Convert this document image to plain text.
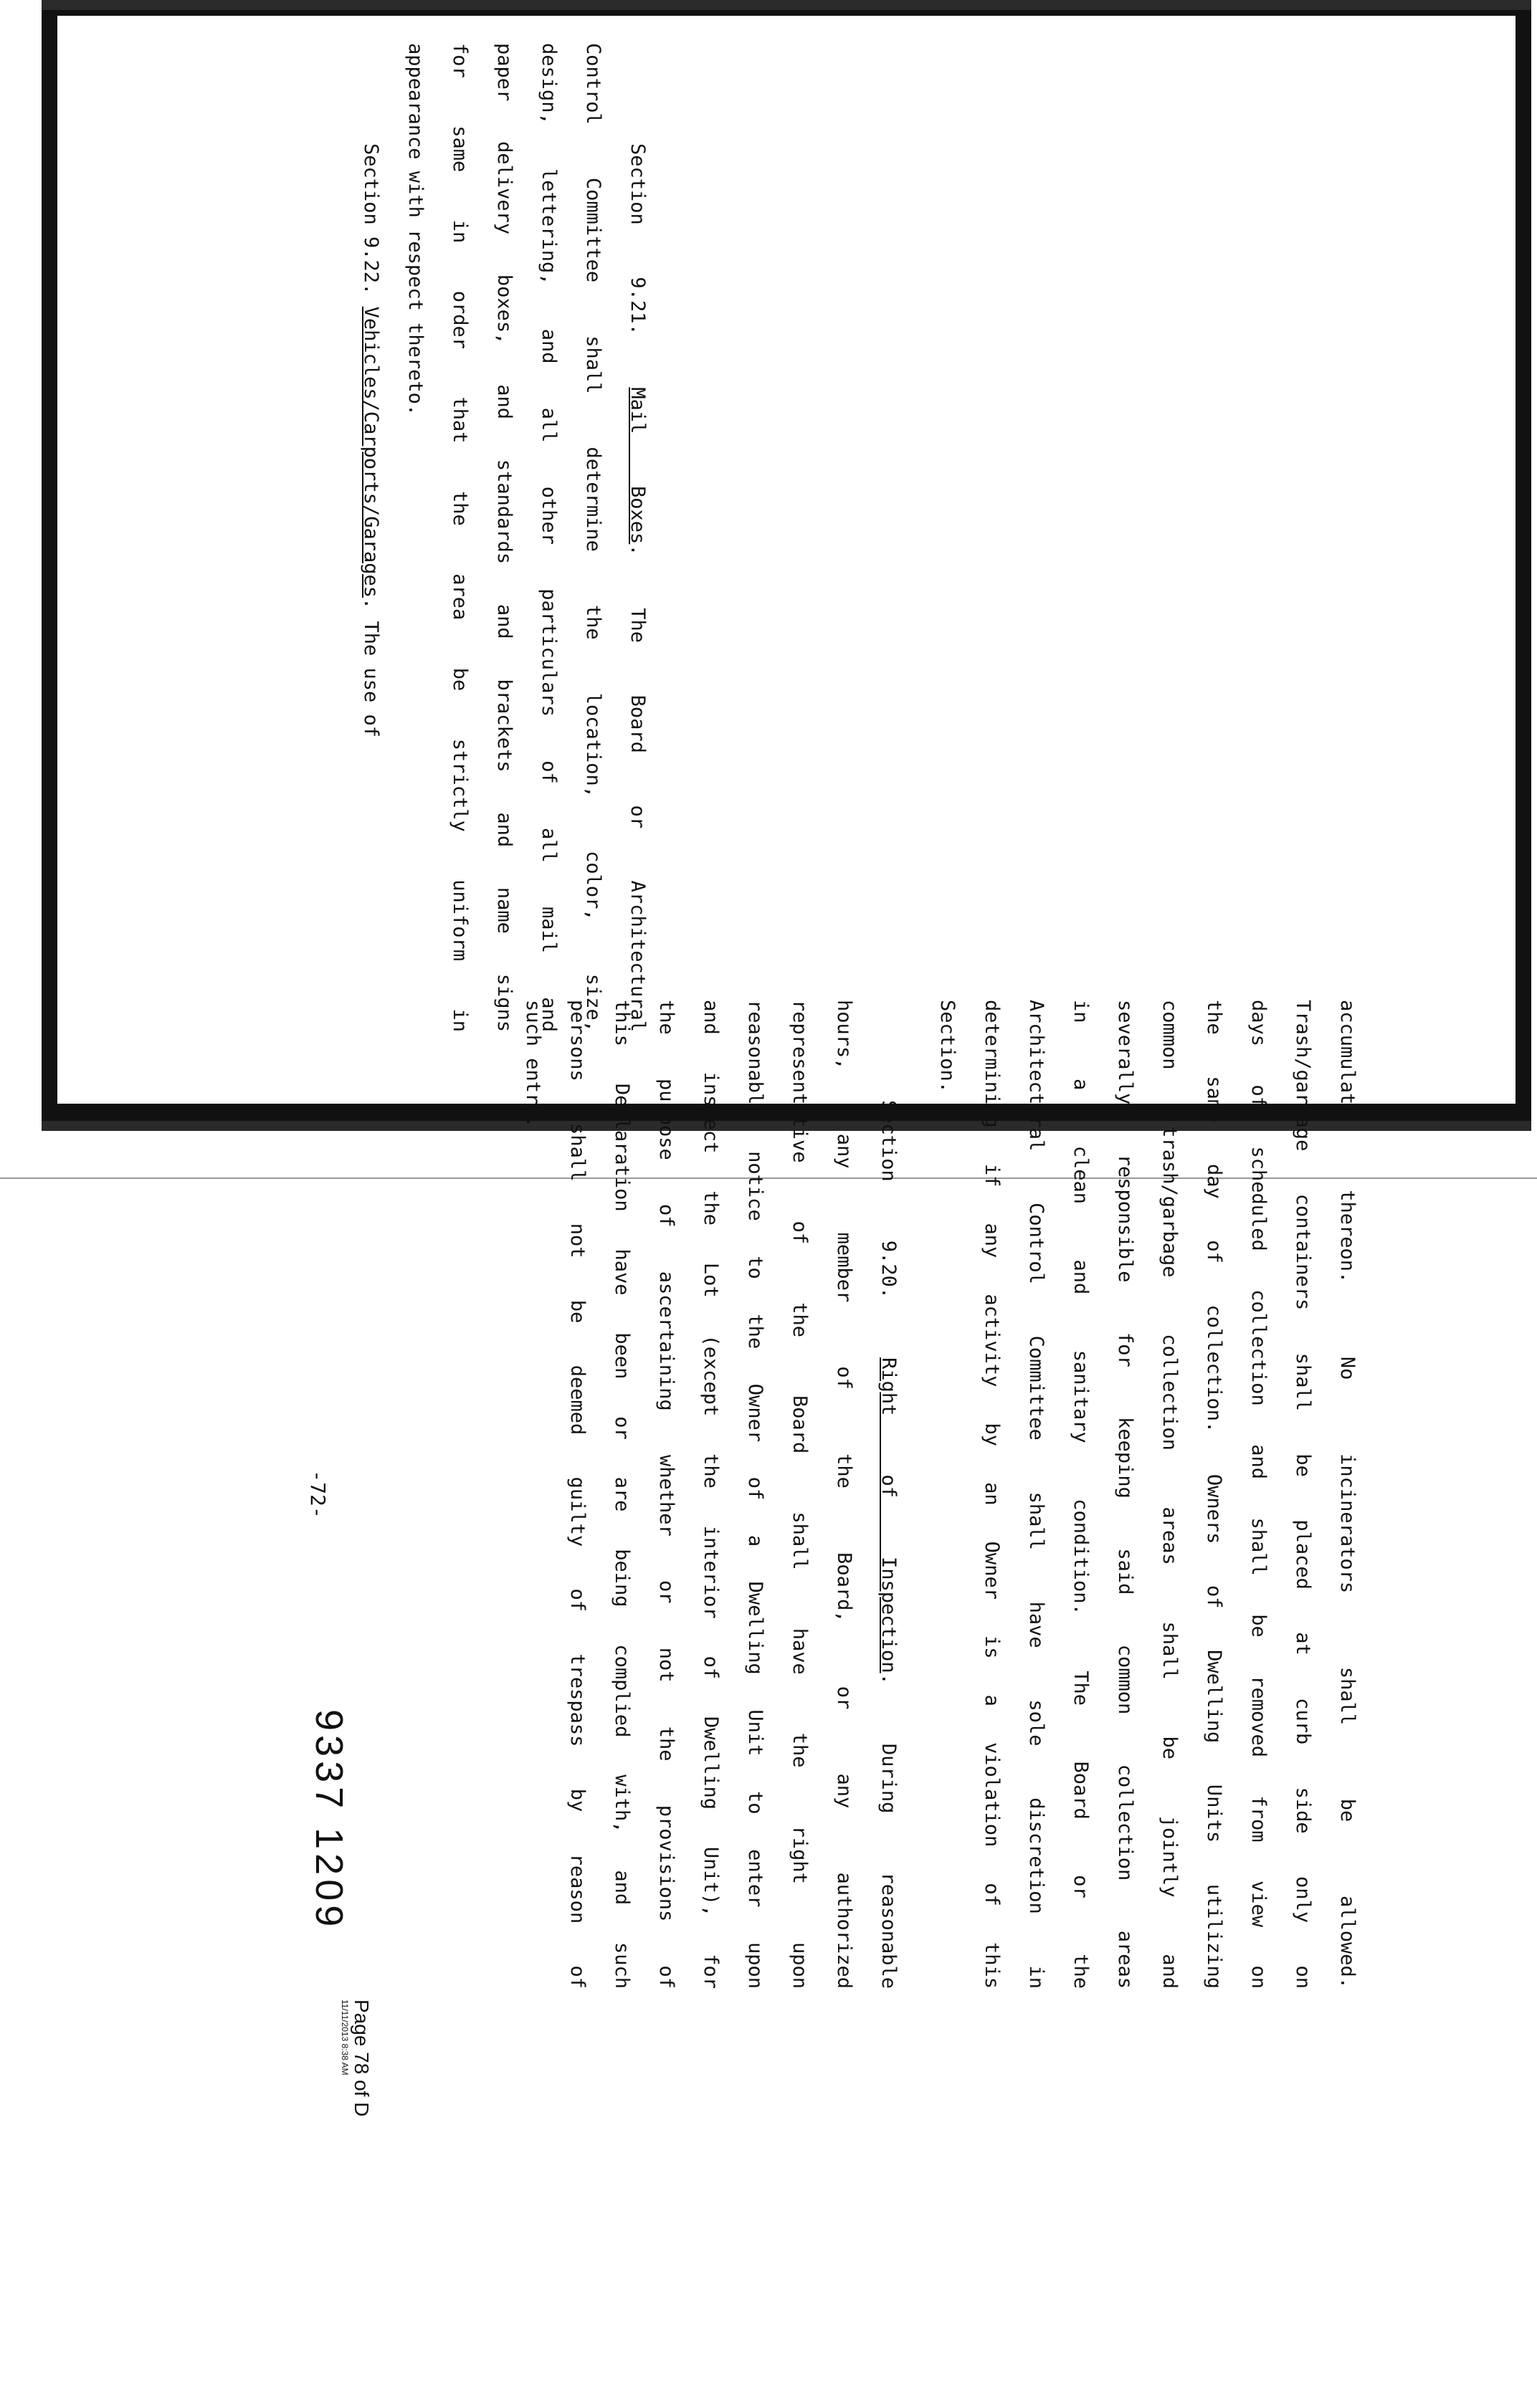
accumulate thereon. No incinerators shall be allowed.
Trash/garbage containers shall be placed at curb side only on
days of scheduled collection and shall be removed from view on
the same day of collection. Owners of Dwelling Units utilizing
common trash/garbage collection areas shall be jointly and
severally responsible for keeping said common collection areas
in a clean and sanitary condition. The Board or the
Architectural Control Committee shall have sole discretion in
determining if any activity by an Owner is a violation of this
Section.
Section 9.20. Right of Inspection. During reasonable
hours, any member of the Board, or any authorized
representative of the Board shall have the right upon
reasonable notice to the Owner of a Dwelling Unit to enter upon
and inspect the Lot (except the interior of Dwelling Unit), for
the purpose of ascertaining whether or not the provisions of
this Declaration have been or are being complied with, and such
persons shall not be deemed guilty of trespass by reason of
such entry.
-72-
9337 1209
Page 78 of D
11/11/2013 8:38 AM
Section 9.21. Mail Boxes. The Board or Architectural
Control Committee shall determine the location, color, size,
design, lettering, and all other particulars of all mail and
paper delivery boxes, and standards and brackets and name signs
for same in order that the area be strictly uniform in
appearance with respect thereto.
Section 9.22. Vehicles/Carports/Garages. The use of
